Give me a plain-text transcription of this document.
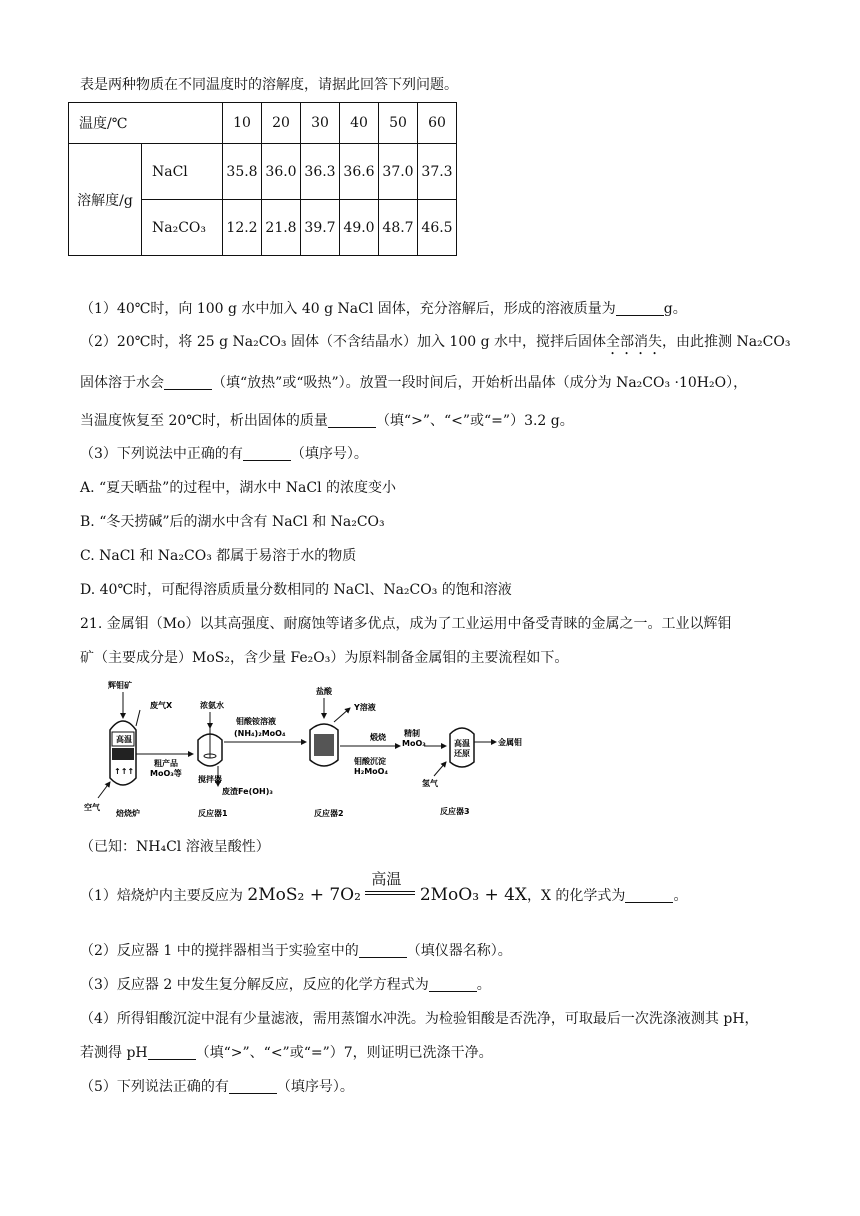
表是两种物质在不同温度时的溶解度，请据此回答下列问题。
温度/℃		10	20	30	40	50	60
溶解度/g	NaCl	35.8	36.0	36.3	36.6	37.0	37.3
	Na₂CO₃	12.2	21.8	39.7	49.0	48.7	46.5
（1）40℃时，向 100 g 水中加入 40 g NaCl 固体，充分溶解后，形成的溶液质量为	g。
（2）20℃时，将 25 g Na₂CO₃ 固体（不含结晶水）加入 100 g 水中，搅拌后固体全部消失，由此推测 Na₂CO₃
固体溶于水会	（填“放热”或“吸热”）。放置一段时间后，开始析出晶体（成分为 Na₂CO₃ ·10H₂O），
当温度恢复至 20℃时，析出固体的质量	（填“>”、“<”或“=”）3.2 g。
（3）下列说法中正确的有	（填序号）。
A. “夏天晒盐”的过程中，湖水中 NaCl 的浓度变小
B. “冬天捞碱”后的湖水中含有 NaCl 和 Na₂CO₃
C. NaCl 和 Na₂CO₃ 都属于易溶于水的物质
D. 40℃时，可配得溶质质量分数相同的 NaCl、Na₂CO₃ 的饱和溶液
21. 金属钼（Mo）以其高强度、耐腐蚀等诸多优点，成为了工业运用中备受青睐的金属之一。工业以辉钼
矿（主要成分是）MoS₂，含少量 Fe₂O₃）为原料制备金属钼的主要流程如下。
高温
↑↑↑
辉钼矿
废气X
空气
焙烧炉
粗产品
MoO₃等
浓氨水
搅拌器
废渣Fe(OH)₃
反应器1
钼酸铵溶液
(NH₄)₂MoO₄
盐酸
Y溶液
煅烧
钼酸沉淀
H₂MoO₄
反应器2
精制
MoO₃	高温
还原
金属钼
氢气
反应器3
（已知：NH₄Cl 溶液呈酸性）
（1）焙烧炉内主要反应为 2MoS₂ + 7O₂
高温
2MoO₃ + 4X，X 的化学式为	。
（2）反应器 1 中的搅拌器相当于实验室中的	（填仪器名称）。
（3）反应器 2 中发生复分解反应，反应的化学方程式为	。
（4）所得钼酸沉淀中混有少量滤液，需用蒸馏水冲洗。为检验钼酸是否洗净，可取最后一次洗涤液测其 pH，
若测得 pH	（填“>”、“<”或“=”）7，则证明已洗涤干净。
（5）下列说法正确的有	（填序号）。
